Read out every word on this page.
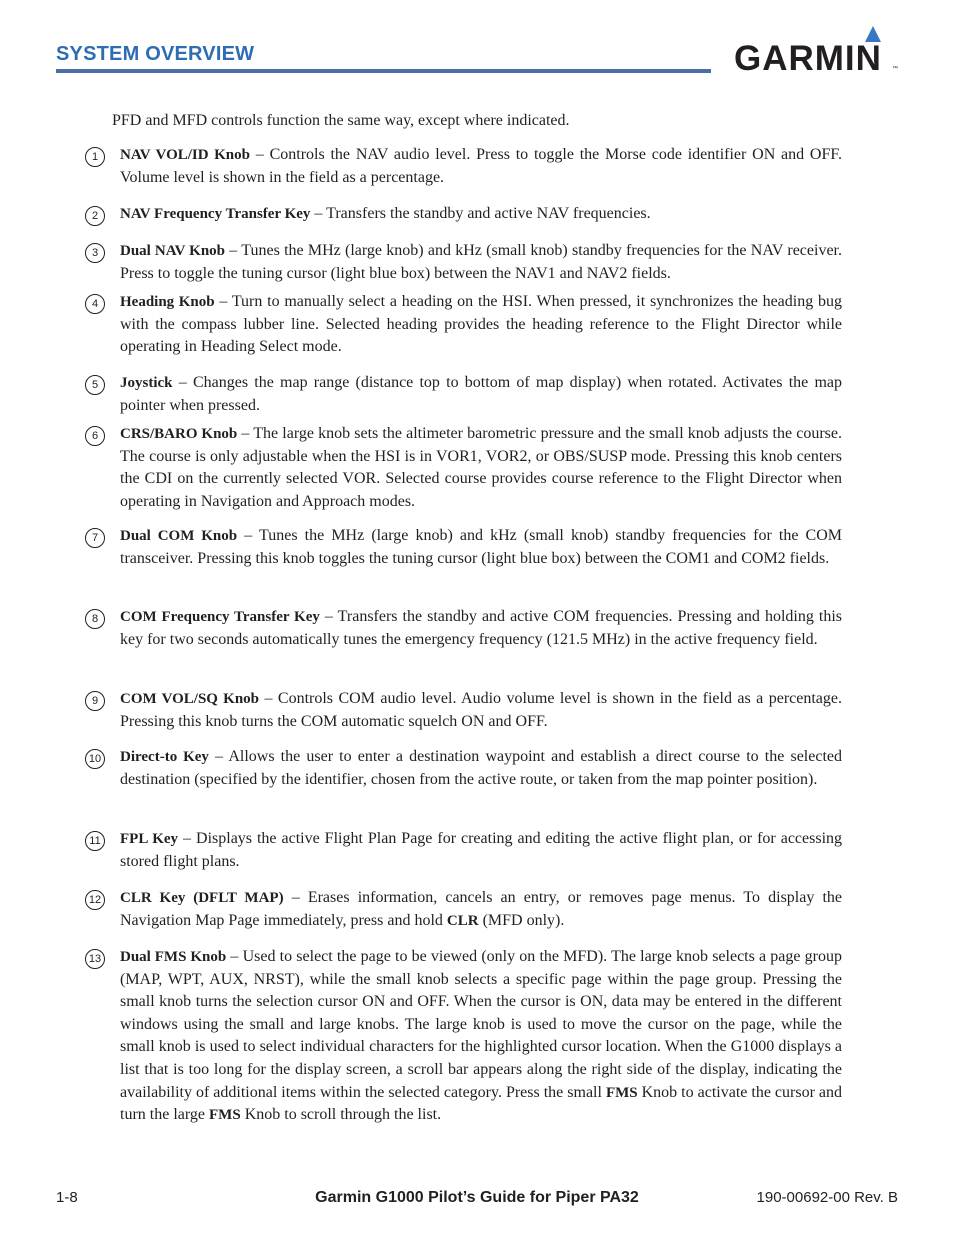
SYSTEM OVERVIEW	GARMIN ™
PFD and MFD controls function the same way, except where indicated.
1	NAV VOL/ID Knob – Controls the NAV audio level. Press to toggle the Morse code identifier ON and OFF. Volume level is shown in the field as a percentage.
2	NAV Frequency Transfer Key – Transfers the standby and active NAV frequencies.
3	Dual NAV Knob – Tunes the MHz (large knob) and kHz (small knob) standby frequencies for the NAV receiver. Press to toggle the tuning cursor (light blue box) between the NAV1 and NAV2 fields.
4	Heading Knob – Turn to manually select a heading on the HSI. When pressed, it synchronizes the heading bug with the compass lubber line. Selected heading provides the heading reference to the Flight Director while operating in Heading Select mode.
5	Joystick – Changes the map range (distance top to bottom of map display) when rotated. Activates the map pointer when pressed.
6	CRS/BARO Knob – The large knob sets the altimeter barometric pressure and the small knob adjusts the course. The course is only adjustable when the HSI is in VOR1, VOR2, or OBS/SUSP mode. Pressing this knob centers the CDI on the currently selected VOR. Selected course provides course reference to the Flight Director when operating in Navigation and Approach modes.
7	Dual COM Knob – Tunes the MHz (large knob) and kHz (small knob) standby frequencies for the COM transceiver. Pressing this knob toggles the tuning cursor (light blue box) between the COM1 and COM2 fields.
8	COM Frequency Transfer Key – Transfers the standby and active COM frequencies. Pressing and holding this key for two seconds automatically tunes the emergency frequency (121.5 MHz) in the active frequency field.
9	COM VOL/SQ Knob – Controls COM audio level. Audio volume level is shown in the field as a percentage. Pressing this knob turns the COM automatic squelch ON and OFF.
10 Direct-to Key – Allows the user to enter a destination waypoint and establish a direct course to the selected destination (specified by the identifier, chosen from the active route, or taken from the map pointer position).
11 FPL Key – Displays the active Flight Plan Page for creating and editing the active flight plan, or for accessing stored flight plans.
12 CLR Key (DFLT MAP) – Erases information, cancels an entry, or removes page menus. To display the Navigation Map Page immediately, press and hold CLR (MFD only).
13 Dual FMS Knob – Used to select the page to be viewed (only on the MFD). The large knob selects a page group (MAP, WPT, AUX, NRST), while the small knob selects a specific page within the page group. Pressing the small knob turns the selection cursor ON and OFF. When the cursor is ON, data may be entered in the different windows using the small and large knobs. The large knob is used to move the cursor on the page, while the small knob is used to select individual characters for the highlighted cursor location. When the G1000 displays a list that is too long for the display screen, a scroll bar appears along the right side of the display, indicating the availability of additional items within the selected category. Press the small FMS Knob to activate the cursor and turn the large FMS Knob to scroll through the list.
1-8	Garmin G1000 Pilot’s Guide for Piper PA32	190-00692-00 Rev. B
